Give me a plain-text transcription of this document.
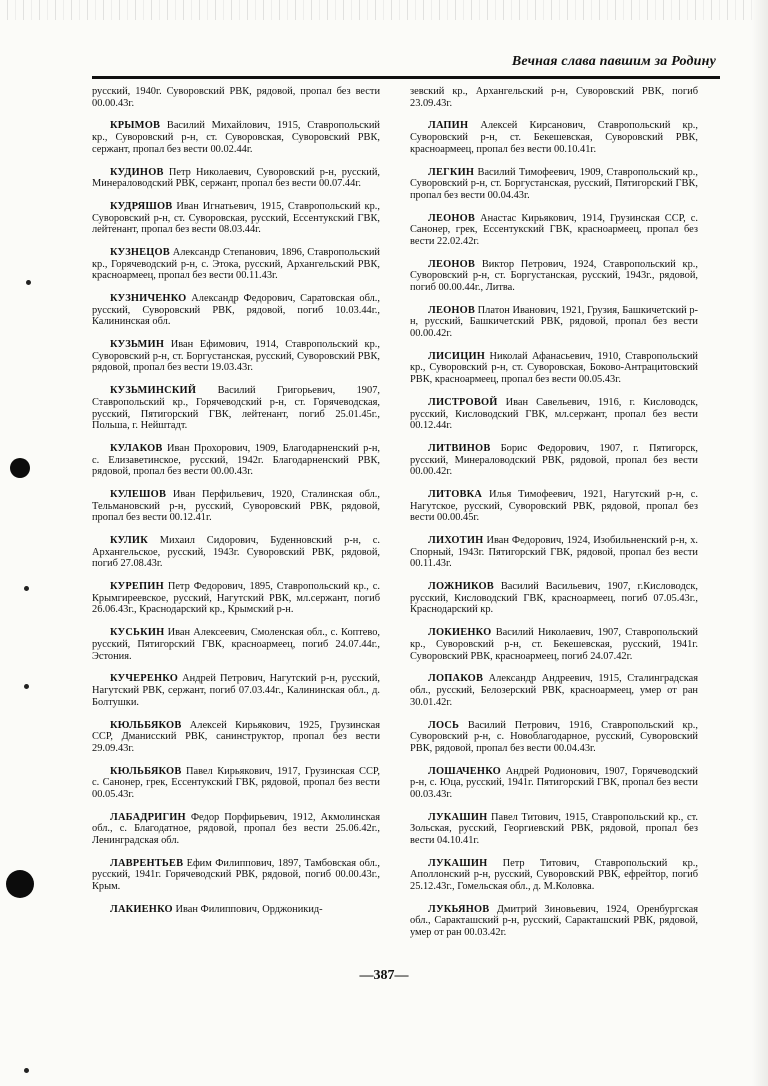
Вечная слава павшим за Родину

русский, 1940г. Суворовский РВК, рядовой, пропал без вести 00.00.43г.

КРЫМОВ Василий Михайлович, 1915, Ставропольский кр., Суворовский р-н, ст. Суворовская, Суворовский РВК, сержант, пропал без вести 00.02.44г.

КУДИНОВ Петр Николаевич, Суворовский р-н, русский, Минераловодский РВК, сержант, пропал без вести 00.07.44г.

КУДРЯШОВ Иван Игнатьевич, 1915, Ставропольский кр., Суворовский р-н, ст. Суворовская, русский, Ессентукский ГВК, лейтенант, пропал без вести 08.03.44г.

КУЗНЕЦОВ Александр Степанович, 1896, Ставропольский кр., Горячеводский р-н, с. Этока, русский, Архангельский РВК, красноармеец, пропал без вести 00.11.43г.

КУЗНИЧЕНКО Александр Федорович, Саратовская обл., русский, Суворовский РВК, рядовой, погиб 10.03.44г., Калининская обл.

КУЗЬМИН Иван Ефимович, 1914, Ставропольский кр., Суворовский р-н, ст. Боргустанская, русский, Суворовский РВК, рядовой, пропал без вести 19.03.43г.

КУЗЬМИНСКИЙ Василий Григорьевич, 1907, Ставропольский кр., Горячеводский р-н, ст. Горячеводская, русский, Пятигорский ГВК, лейтенант, погиб 25.01.45г., Польша, г. Нейштадт.

КУЛАКОВ Иван Прохорович, 1909, Благодарненский р-н, с. Елизаветинское, русский, 1942г. Благодарненский РВК, рядовой, пропал без вести 00.00.43г.

КУЛЕШОВ Иван Перфильевич, 1920, Сталинская обл., Тельмановский р-н, русский, Суворовский РВК, рядовой, пропал без вести 00.12.41г.

КУЛИК Михаил Сидорович, Буденновский р-н, с. Архангельское, русский, 1943г. Суворовский РВК, рядовой, погиб 27.08.43г.

КУРЕПИН Петр Федорович, 1895, Ставропольский кр., с. Крымгиреевское, русский, Нагутский РВК, мл.сержант, погиб 26.06.43г., Краснодарский кр., Крымский р-н.

КУСЬКИН Иван Алексеевич, Смоленская обл., с. Коптево, русский, Пятигорский ГВК, красноармеец, погиб 24.07.44г., Эстония.

КУЧЕРЕНКО Андрей Петрович, Нагутский р-н, русский, Нагутский РВК, сержант, погиб 07.03.44г., Калининская обл., д. Болтушки.

КЮЛЬБЯКОВ Алексей Кирьякович, 1925, Грузинская ССР, Дманисский РВК, санинструктор, пропал без вести 29.09.43г.

КЮЛЬБЯКОВ Павел Кирьякович, 1917, Грузинская ССР, с. Санонер, грек, Ессентукский ГВК, рядовой, пропал без вести 00.05.43г.

ЛАБАДРИГИН Федор Порфирьевич, 1912, Акмолинская обл., с. Благодатное, рядовой, пропал без вести 25.06.42г., Ленинградская обл.

ЛАВРЕНТЬЕВ Ефим Филиппович, 1897, Тамбовская обл., русский, 1941г. Горячеводский РВК, рядовой, погиб 00.00.43г., Крым.

ЛАКИЕНКО Иван Филиппович, Орджоникид-

зевский кр., Архангельский р-н, Суворовский РВК, погиб 23.09.43г.

ЛАПИН Алексей Кирсанович, Ставропольский кр., Суворовский р-н, ст. Бекешевская, Суворовский РВК, красноармеец, пропал без вести 00.10.41г.

ЛЕГКИН Василий Тимофеевич, 1909, Ставропольский кр., Суворовский р-н, ст. Боргустанская, русский, Пятигорский ГВК, пропал без вести 00.04.43г.

ЛЕОНОВ Анастас Кирьякович, 1914, Грузинская ССР, с. Санонер, грек, Ессентукский ГВК, красноармеец, пропал без вести 22.02.42г.

ЛЕОНОВ Виктор Петрович, 1924, Ставропольский кр., Суворовский р-н, ст. Боргустанская, русский, 1943г., рядовой, погиб 00.00.44г., Литва.

ЛЕОНОВ Платон Иванович, 1921, Грузия, Башкичетский р-н, русский, Башкичетский РВК, рядовой, пропал без вести 00.00.42г.

ЛИСИЦИН Николай Афанасьевич, 1910, Ставропольский кр., Суворовский р-н, ст. Суворовская, Боково-Антрацитовский РВК, красноармеец, пропал без вести 00.05.43г.

ЛИСТРОВОЙ Иван Савельевич, 1916, г. Кисловодск, русский, Кисловодский ГВК, мл.сержант, пропал без вести 00.12.44г.

ЛИТВИНОВ Борис Федорович, 1907, г. Пятигорск, русский, Минераловодский РВК, рядовой, пропал без вести 00.00.42г.

ЛИТОВКА Илья Тимофеевич, 1921, Нагутский р-н, с. Нагутское, русский, Суворовский РВК, рядовой, пропал без вести 00.00.45г.

ЛИХОТИН Иван Федорович, 1924, Изобильненский р-н, х. Спорный, 1943г. Пятигорский ГВК, рядовой, пропал без вести 00.11.43г.

ЛОЖНИКОВ Василий Васильевич, 1907, г.Кисловодск, русский, Кисловодский ГВК, красноармеец, погиб 07.05.43г., Краснодарский кр.

ЛОКИЕНКО Василий Николаевич, 1907, Ставропольский кр., Суворовский р-н, ст. Бекешевская, русский, 1941г. Суворовский РВК, красноармеец, погиб 24.07.42г.

ЛОПАКОВ Александр Андреевич, 1915, Сталинградская обл., русский, Белозерский РВК, красноармеец, умер от ран 30.01.42г.

ЛОСЬ Василий Петрович, 1916, Ставропольский кр., Суворовский р-н, с. Новоблагодарное, русский, Суворовский РВК, рядовой, пропал без вести 00.04.43г.

ЛОШАЧЕНКО Андрей Родионович, 1907, Горячеводский р-н, с. Юца, русский, 1941г. Пятигорский ГВК, пропал без вести 00.03.43г.

ЛУКАШИН Павел Титович, 1915, Ставропольский кр., ст. Зольская, русский, Георгиевский РВК, рядовой, пропал без вести 04.10.41г.

ЛУКАШИН Петр Титович, Ставропольский кр., Аполлонский р-н, русский, Суворовский РВК, ефрейтор, погиб 25.12.43г., Гомельская обл., д. М.Коловка.

ЛУКЬЯНОВ Дмитрий Зиновьевич, 1924, Оренбургская обл., Саракташский р-н, русский, Саракташский РВК, рядовой, умер от ран 00.03.42г.

—387—
